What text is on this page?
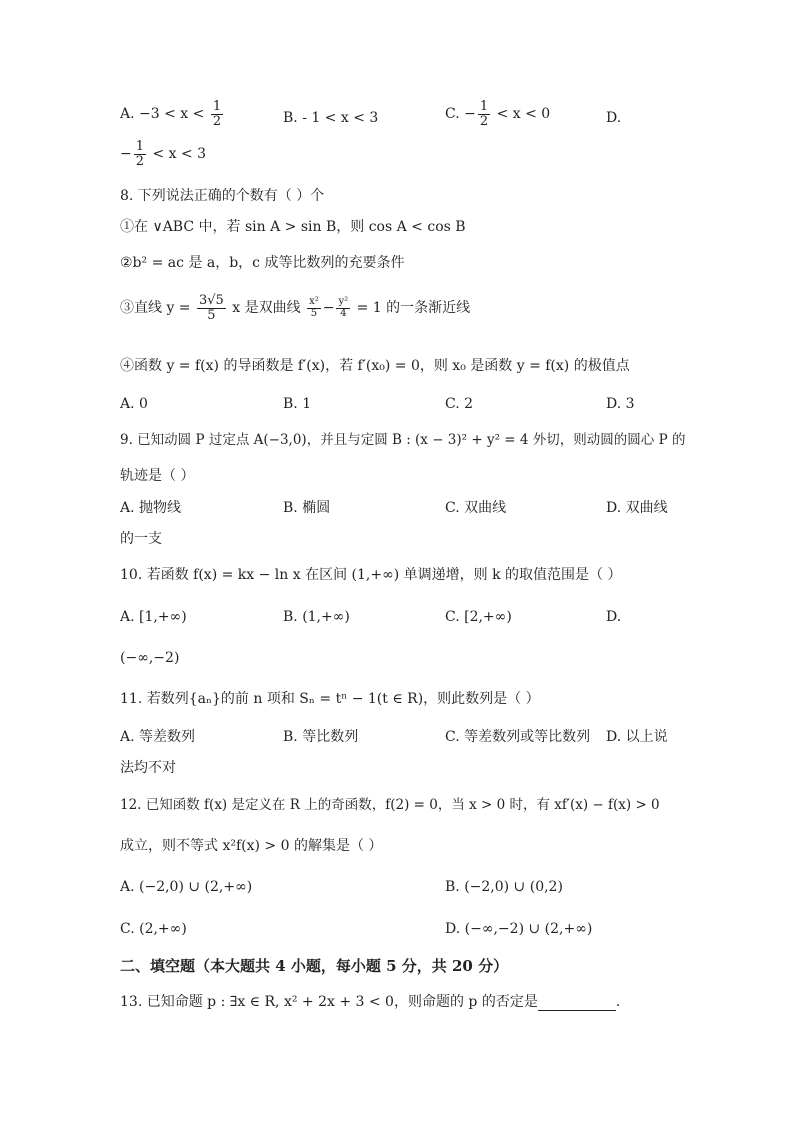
A. $-3 < x < \frac{1}{2}$	B. - 1 < x < 3	C. − $\frac{1}{2} < x < 0$	D.
− $\frac{1}{2} < x < 3$
8. 下列说法正确的个数有（ ）个
①在 ∨ABC 中，若 sin A > sin B，则 cos A < cos B
②b² = ac 是 a，b，c 成等比数列的充要条件
③直线 $y = \frac{3√5}{5}$ x 是双曲线 $\frac{\text{x²}}{5} - \frac{\text{y²}}{4} = 1$ 的一条渐近线
④函数 y = f(x) 的导函数是 f′(x)，若 f′(x₀) = 0，则 x₀ 是函数 y = f(x) 的极值点
A. 0	B. 1	C. 2	D. 3
9. 已知动圆 P 过定点 A(−3,0)，并且与定圆 B : (x − 3)² + y² = 4 外切，则动圆的圆心 P 的
轨迹是（ ）
A. 抛物线	B. 椭圆	C. 双曲线	D. 双曲线
的一支
10. 若函数 f(x) = kx − ln x 在区间 (1,+∞) 单调递增，则 k 的取值范围是（ ）
A. [1,+∞)	B. (1,+∞)	C. [2,+∞)	D.
(−∞,−2)
11. 若数列{aₙ}的前 n 项和 Sₙ = tⁿ − 1(t ∈ R)，则此数列是（ ）
A. 等差数列	B. 等比数列	C. 等差数列或等比数列 D. 以上说
法均不对
12. 已知函数 f(x) 是定义在 R 上的奇函数，f(2) = 0，当 x > 0 时，有 xf′(x) − f(x) > 0
成立，则不等式 x²f(x) > 0 的解集是（ ）
A. (−2,0) ∪ (2,+∞)	B. (−2,0) ∪ (0,2)
C. (2,+∞)	D. (−∞,−2) ∪ (2,+∞)
二、填空题（本大题共 4 小题，每小题 5 分，共 20 分）
13. 已知命题 p : ∃x ∈ R, x² + 2x + 3 < 0，则命题的 p 的否定是	.
